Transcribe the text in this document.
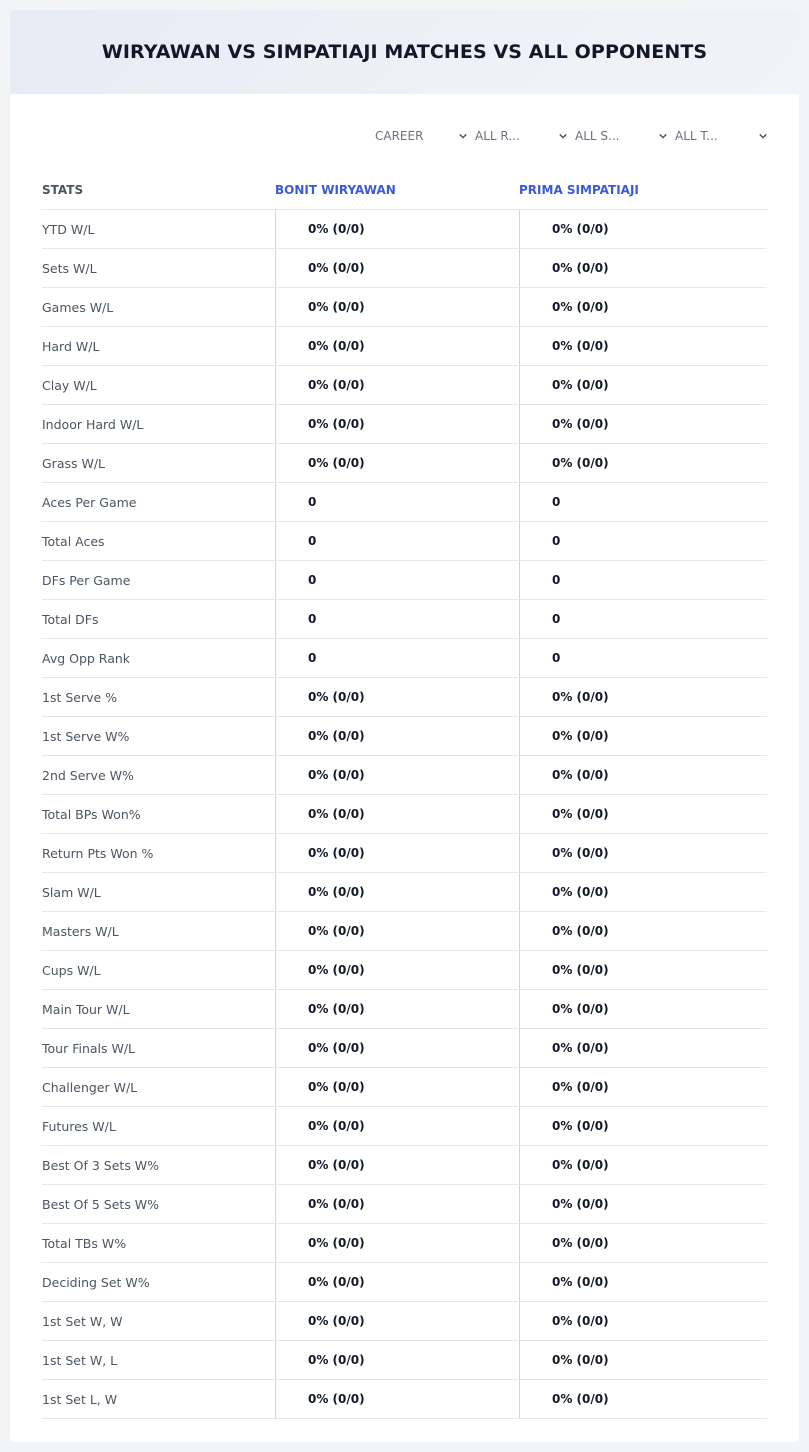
WIRYAWAN VS SIMPATIAJI MATCHES VS ALL OPPONENTS
CAREER	ALL R...	ALL S...	ALL T...
STATS	BONIT WIRYAWAN	PRIMA SIMPATIAJI
YTD W/L	0% (0/0)	0% (0/0)
Sets W/L	0% (0/0)	0% (0/0)
Games W/L	0% (0/0)	0% (0/0)
Hard W/L	0% (0/0)	0% (0/0)
Clay W/L	0% (0/0)	0% (0/0)
Indoor Hard W/L	0% (0/0)	0% (0/0)
Grass W/L	0% (0/0)	0% (0/0)
Aces Per Game	0	0
Total Aces	0	0
DFs Per Game	0	0
Total DFs	0	0
Avg Opp Rank	0	0
1st Serve %	0% (0/0)	0% (0/0)
1st Serve W%	0% (0/0)	0% (0/0)
2nd Serve W%	0% (0/0)	0% (0/0)
Total BPs Won%	0% (0/0)	0% (0/0)
Return Pts Won %	0% (0/0)	0% (0/0)
Slam W/L	0% (0/0)	0% (0/0)
Masters W/L	0% (0/0)	0% (0/0)
Cups W/L	0% (0/0)	0% (0/0)
Main Tour W/L	0% (0/0)	0% (0/0)
Tour Finals W/L	0% (0/0)	0% (0/0)
Challenger W/L	0% (0/0)	0% (0/0)
Futures W/L	0% (0/0)	0% (0/0)
Best Of 3 Sets W%	0% (0/0)	0% (0/0)
Best Of 5 Sets W%	0% (0/0)	0% (0/0)
Total TBs W%	0% (0/0)	0% (0/0)
Deciding Set W%	0% (0/0)	0% (0/0)
1st Set W, W	0% (0/0)	0% (0/0)
1st Set W, L	0% (0/0)	0% (0/0)
1st Set L, W	0% (0/0)	0% (0/0)
